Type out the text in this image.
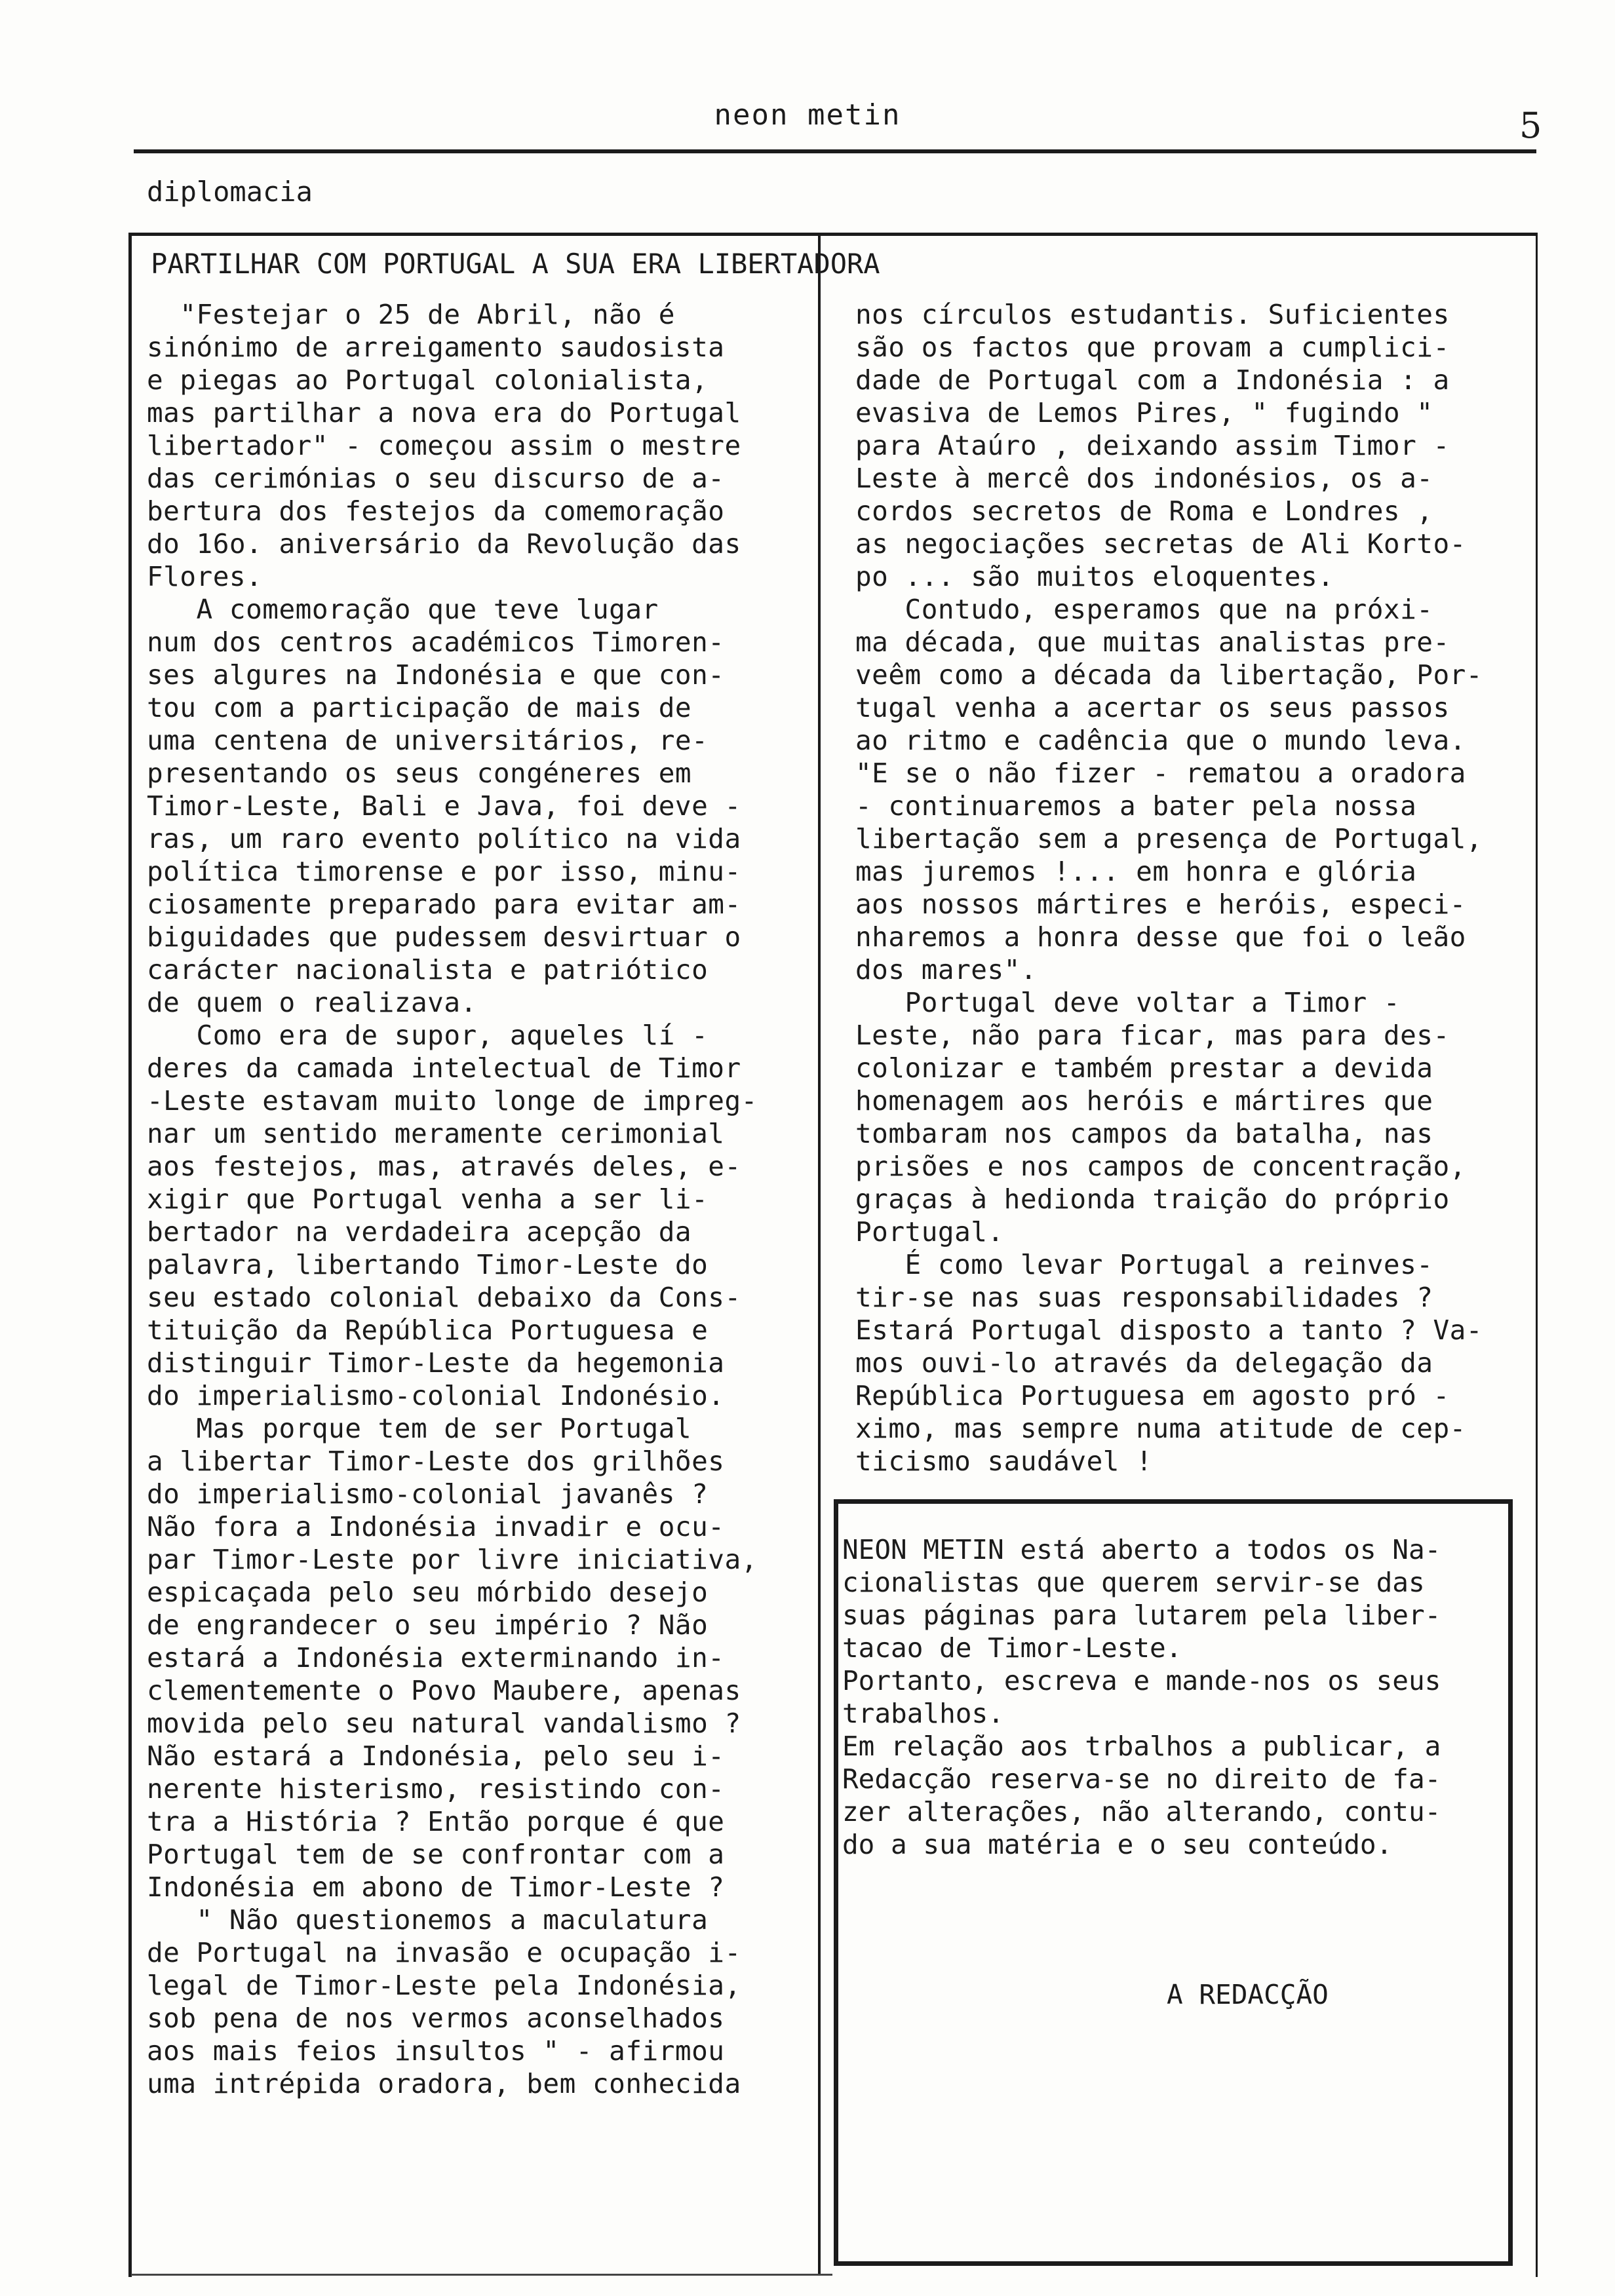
neon metin	5
diplomacia
PARTILHAR COM PORTUGAL A SUA ERA LIBERTADORA
"Festejar o 25 de Abril, não é
sinónimo de arreigamento saudosista
e piegas ao Portugal colonialista,
mas partilhar a nova era do Portugal
libertador" - começou assim o mestre
das cerimónias o seu discurso de a-
bertura dos festejos da comemoração
do 16o. aniversário da Revolução das
Flores.
A comemoração que teve lugar
num dos centros académicos Timoren-
ses algures na Indonésia e que con-
tou com a participação de mais de
uma centena de universitários, re-
presentando os seus congéneres em
Timor-Leste, Bali e Java, foi deve -
ras, um raro evento político na vida
política timorense e por isso, minu-
ciosamente preparado para evitar am-
biguidades que pudessem desvirtuar o
carácter nacionalista e patriótico
de quem o realizava.
Como era de supor, aqueles lí -
deres da camada intelectual de Timor
-Leste estavam muito longe de impreg-
nar um sentido meramente cerimonial
aos festejos, mas, através deles, e-
xigir que Portugal venha a ser li-
bertador na verdadeira acepção da
palavra, libertando Timor-Leste do
seu estado colonial debaixo da Cons-
tituição da República Portuguesa e
distinguir Timor-Leste da hegemonia
do imperialismo-colonial Indonésio.
Mas porque tem de ser Portugal
a libertar Timor-Leste dos grilhões
do imperialismo-colonial javanês ?
Não fora a Indonésia invadir e ocu-
par Timor-Leste por livre iniciativa,
espicaçada pelo seu mórbido desejo
de engrandecer o seu império ? Não
estará a Indonésia exterminando in-
clementemente o Povo Maubere, apenas
movida pelo seu natural vandalismo ?
Não estará a Indonésia, pelo seu i-
nerente histerismo, resistindo con-
tra a História ? Então porque é que
Portugal tem de se confrontar com a
Indonésia em abono de Timor-Leste ?
" Não questionemos a maculatura
de Portugal na invasão e ocupação i-
legal de Timor-Leste pela Indonésia,
sob pena de nos vermos aconselhados
aos mais feios insultos " - afirmou
uma intrépida oradora, bem conhecida
nos círculos estudantis. Suficientes
são os factos que provam a cumplici-
dade de Portugal com a Indonésia : a
evasiva de Lemos Pires, " fugindo "
para Ataúro , deixando assim Timor -
Leste à mercê dos indonésios, os a-
cordos secretos de Roma e Londres ,
as negociações secretas de Ali Korto-
po ... são muitos eloquentes.
Contudo, esperamos que na próxi-
ma década, que muitas analistas pre-
veêm como a década da libertação, Por-
tugal venha a acertar os seus passos
ao ritmo e cadência que o mundo leva.
"E se o não fizer - rematou a oradora
- continuaremos a bater pela nossa
libertação sem a presença de Portugal,
mas juremos !... em honra e glória
aos nossos mártires e heróis, especi-
nharemos a honra desse que foi o leão
dos mares".
Portugal deve voltar a Timor -
Leste, não para ficar, mas para des-
colonizar e também prestar a devida
homenagem aos heróis e mártires que
tombaram nos campos da batalha, nas
prisões e nos campos de concentração,
graças à hedionda traição do próprio
Portugal.
É como levar Portugal a reinves-
tir-se nas suas responsabilidades ?
Estará Portugal disposto a tanto ? Va-
mos ouvi-lo através da delegação da
República Portuguesa em agosto pró -
ximo, mas sempre numa atitude de cep-
ticismo saudável !
NEON METIN está aberto a todos os Na-
cionalistas que querem servir-se das
suas páginas para lutarem pela liber-
tacao de Timor-Leste.
Portanto, escreva e mande-nos os seus
trabalhos.
Em relação aos trbalhos a publicar, a
Redacção reserva-se no direito de fa-
zer alterações, não alterando, contu-
do a sua matéria e o seu conteúdo.
A REDACÇÃO
